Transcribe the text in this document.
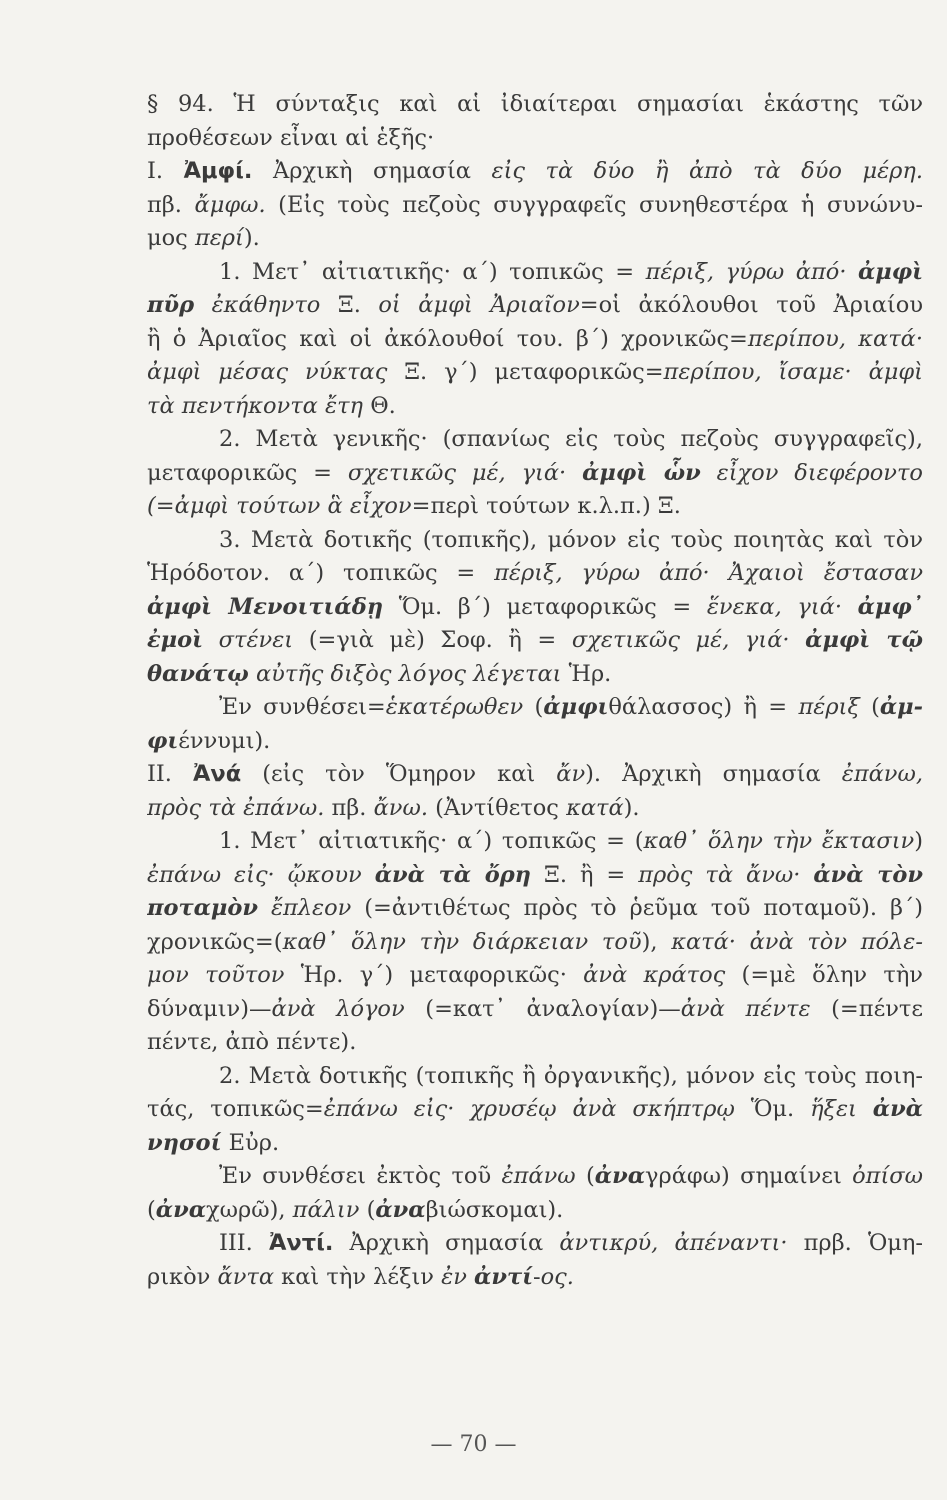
§ 94. Ἡ σύνταξις καὶ αἱ ἰδιαίτεραι σημασίαι ἑκάστης τῶν
προθέσεων εἶναι αἱ ἑξῆς·
I. Ἀμφί. Ἀρχικὴ σημασία εἰς τὰ δύο ἢ ἀπὸ τὰ δύο μέρη.
πβ. ἄμφω. (Εἰς τοὺς πεζοὺς συγγραφεῖς συνηθεστέρα ἡ συνώνυ-
μος περί).
1. Μετ᾿ αἰτιατικῆς· α´) τοπικῶς = πέριξ, γύρω ἀπό· ἀμφὶ
πῦρ ἐκάθηντο Ξ. οἱ ἀμφὶ Ἀριαῖον=οἱ ἀκόλουθοι τοῦ Ἀριαίου
ἢ ὁ Ἀριαῖος καὶ οἱ ἀκόλουθοί του. β´) χρονικῶς=περίπου, κατά·
ἀμφὶ μέσας νύκτας Ξ. γ´) μεταφορικῶς=περίπου, ἴσαμε· ἀμφὶ
τὰ πεντήκοντα ἔτη Θ.
2. Μετὰ γενικῆς· (σπανίως εἰς τοὺς πεζοὺς συγγραφεῖς),
μεταφορικῶς = σχετικῶς μέ, γιά· ἀμφὶ ὧν εἶχον διεφέροντο
(=ἀμφὶ τούτων ἃ εἶχον=περὶ τούτων κ.λ.π.) Ξ.
3. Μετὰ δοτικῆς (τοπικῆς), μόνον εἰς τοὺς ποιητὰς καὶ τὸν
Ἡρόδοτον. α´) τοπικῶς = πέριξ, γύρω ἀπό· Ἀχαιοὶ ἔστασαν
ἀμφὶ Μενοιτιάδῃ Ὅμ. β´) μεταφορικῶς = ἕνεκα, γιά· ἀμφ᾿
ἐμοὶ στένει (=γιὰ μὲ) Σοφ. ἢ = σχετικῶς μέ, γιά· ἀμφὶ τῷ
θανάτῳ αὐτῆς διξὸς λόγος λέγεται Ἡρ.
Ἐν συνθέσει=ἑκατέρωθεν (ἀμφιθάλασσος) ἢ = πέριξ (ἀμ-
φιέννυμι).
II. Ἀνά (εἰς τὸν Ὅμηρον καὶ ἄν). Ἀρχικὴ σημασία ἐπάνω,
πρὸς τὰ ἐπάνω. πβ. ἄνω. (Ἀντίθετος κατά).
1. Μετ᾿ αἰτιατικῆς· α´) τοπικῶς = (καθ᾿ ὅλην τὴν ἔκτασιν)
ἐπάνω εἰς· ᾤκουν ἀνὰ τὰ ὄρη Ξ. ἢ = πρὸς τὰ ἄνω· ἀνὰ τὸν
ποταμὸν ἔπλεον (=ἀντιθέτως πρὸς τὸ ῥεῦμα τοῦ ποταμοῦ). β´)
χρονικῶς=(καθ᾿ ὅλην τὴν διάρκειαν τοῦ), κατά· ἀνὰ τὸν πόλε-
μον τοῦτον Ἡρ. γ´) μεταφορικῶς· ἀνὰ κράτος (=μὲ ὅλην τὴν
δύναμιν)—ἀνὰ λόγον (=κατ᾿ ἀναλογίαν)—ἀνὰ πέντε (=πέντε
πέντε, ἀπὸ πέντε).
2. Μετὰ δοτικῆς (τοπικῆς ἢ ὀργανικῆς), μόνον εἰς τοὺς ποιη-
τάς, τοπικῶς=ἐπάνω εἰς· χρυσέῳ ἀνὰ σκήπτρῳ Ὅμ. ἥξει ἀνὰ
νησοί Εὐρ.
Ἐν συνθέσει ἐκτὸς τοῦ ἐπάνω (ἀναγράφω) σημαίνει ὀπίσω
(ἀναχωρῶ), πάλιν (ἀναβιώσκομαι).
III. Ἀντί. Ἀρχικὴ σημασία ἀντικρύ, ἀπέναντι· πρβ. Ὁμη-
ρικὸν ἄντα καὶ τὴν λέξιν ἐν ἀντί-ος.
— 70 —
